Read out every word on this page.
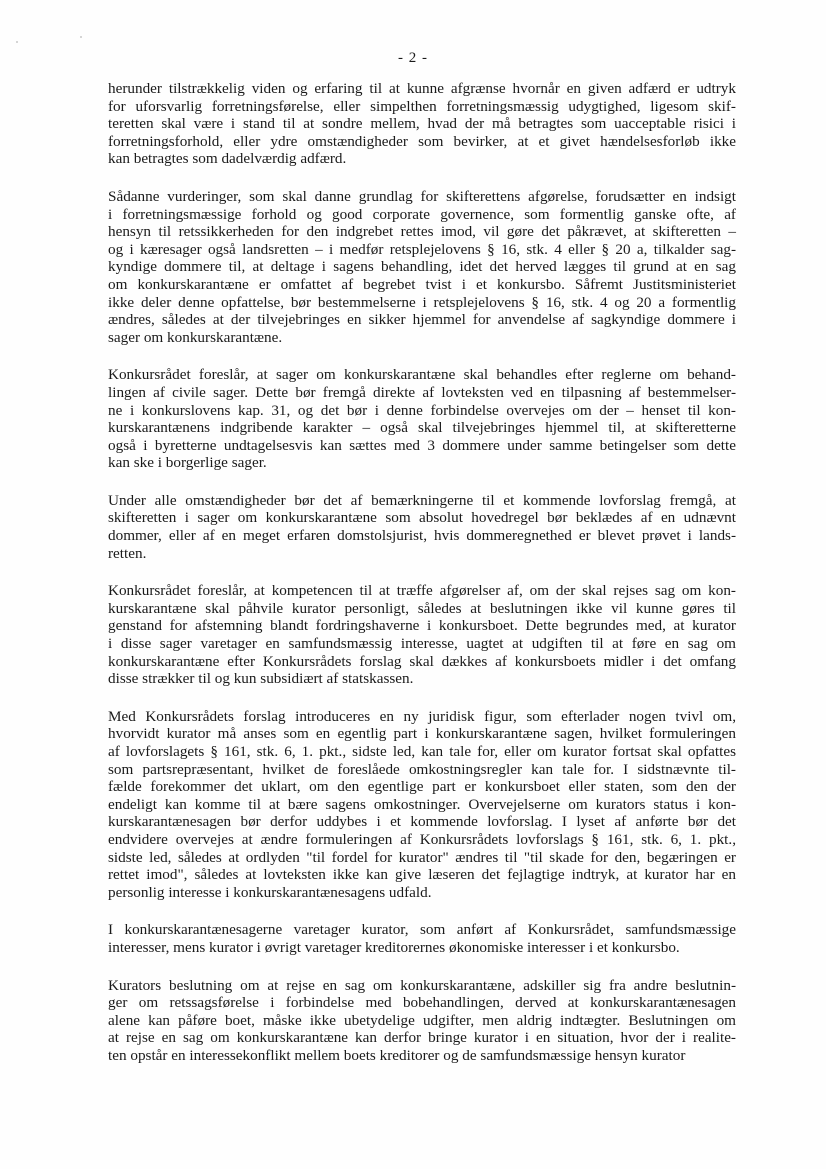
- 2 -
herunder tilstrækkelig viden og erfaring til at kunne afgrænse hvornår en given adfærd er udtryk
for uforsvarlig forretningsførelse, eller simpelthen forretningsmæssig udygtighed, ligesom skif-
teretten skal være i stand til at sondre mellem, hvad der må betragtes som uacceptable risici i
forretningsforhold, eller ydre omstændigheder som bevirker, at et givet hændelsesforløb ikke
kan betragtes som dadelværdig adfærd.
Sådanne vurderinger, som skal danne grundlag for skifterettens afgørelse, forudsætter en indsigt
i forretningsmæssige forhold og good corporate governence, som formentlig ganske ofte, af
hensyn til retssikkerheden for den indgrebet rettes imod, vil gøre det påkrævet, at skifteretten –
og i kæresager også landsretten – i medfør retsplejelovens § 16, stk. 4 eller § 20 a, tilkalder sag-
kyndige dommere til, at deltage i sagens behandling, idet det herved lægges til grund at en sag
om konkurskarantæne er omfattet af begrebet tvist i et konkursbo. Såfremt Justitsministeriet
ikke deler denne opfattelse, bør bestemmelserne i retsplejelovens § 16, stk. 4 og 20 a formentlig
ændres, således at der tilvejebringes en sikker hjemmel for anvendelse af sagkyndige dommere i
sager om konkurskarantæne.
Konkursrådet foreslår, at sager om konkurskarantæne skal behandles efter reglerne om behand-
lingen af civile sager. Dette bør fremgå direkte af lovteksten ved en tilpasning af bestemmelser-
ne i konkurslovens kap. 31, og det bør i denne forbindelse overvejes om der – henset til kon-
kurskarantænens indgribende karakter – også skal tilvejebringes hjemmel til, at skifteretterne
også i byretterne undtagelsesvis kan sættes med 3 dommere under samme betingelser som dette
kan ske i borgerlige sager.
Under alle omstændigheder bør det af bemærkningerne til et kommende lovforslag fremgå, at
skifteretten i sager om konkurskarantæne som absolut hovedregel bør beklædes af en udnævnt
dommer, eller af en meget erfaren domstolsjurist, hvis dommeregnethed er blevet prøvet i lands-
retten.
Konkursrådet foreslår, at kompetencen til at træffe afgørelser af, om der skal rejses sag om kon-
kurskarantæne skal påhvile kurator personligt, således at beslutningen ikke vil kunne gøres til
genstand for afstemning blandt fordringshaverne i konkursboet. Dette begrundes med, at kurator
i disse sager varetager en samfundsmæssig interesse, uagtet at udgiften til at føre en sag om
konkurskarantæne efter Konkursrådets forslag skal dækkes af konkursboets midler i det omfang
disse strækker til og kun subsidiært af statskassen.
Med Konkursrådets forslag introduceres en ny juridisk figur, som efterlader nogen tvivl om,
hvorvidt kurator må anses som en egentlig part i konkurskarantæne sagen, hvilket formuleringen
af lovforslagets § 161, stk. 6, 1. pkt., sidste led, kan tale for, eller om kurator fortsat skal opfattes
som partsrepræsentant, hvilket de foreslåede omkostningsregler kan tale for. I sidstnævnte til-
fælde forekommer det uklart, om den egentlige part er konkursboet eller staten, som den der
endeligt kan komme til at bære sagens omkostninger. Overvejelserne om kurators status i kon-
kurskarantænesagen bør derfor uddybes i et kommende lovforslag. I lyset af anførte bør det
endvidere overvejes at ændre formuleringen af Konkursrådets lovforslags § 161, stk. 6, 1. pkt.,
sidste led, således at ordlyden "til fordel for kurator" ændres til "til skade for den, begæringen er
rettet imod", således at lovteksten ikke kan give læseren det fejlagtige indtryk, at kurator har en
personlig interesse i konkurskarantænesagens udfald.
I konkurskarantænesagerne varetager kurator, som anført af Konkursrådet, samfundsmæssige
interesser, mens kurator i øvrigt varetager kreditorernes økonomiske interesser i et konkursbo.
Kurators beslutning om at rejse en sag om konkurskarantæne, adskiller sig fra andre beslutnin-
ger om retssagsførelse i forbindelse med bobehandlingen, derved at konkurskarantænesagen
alene kan påføre boet, måske ikke ubetydelige udgifter, men aldrig indtægter. Beslutningen om
at rejse en sag om konkurskarantæne kan derfor bringe kurator i en situation, hvor der i realite-
ten opstår en interessekonflikt mellem boets kreditorer og de samfundsmæssige hensyn kurator
